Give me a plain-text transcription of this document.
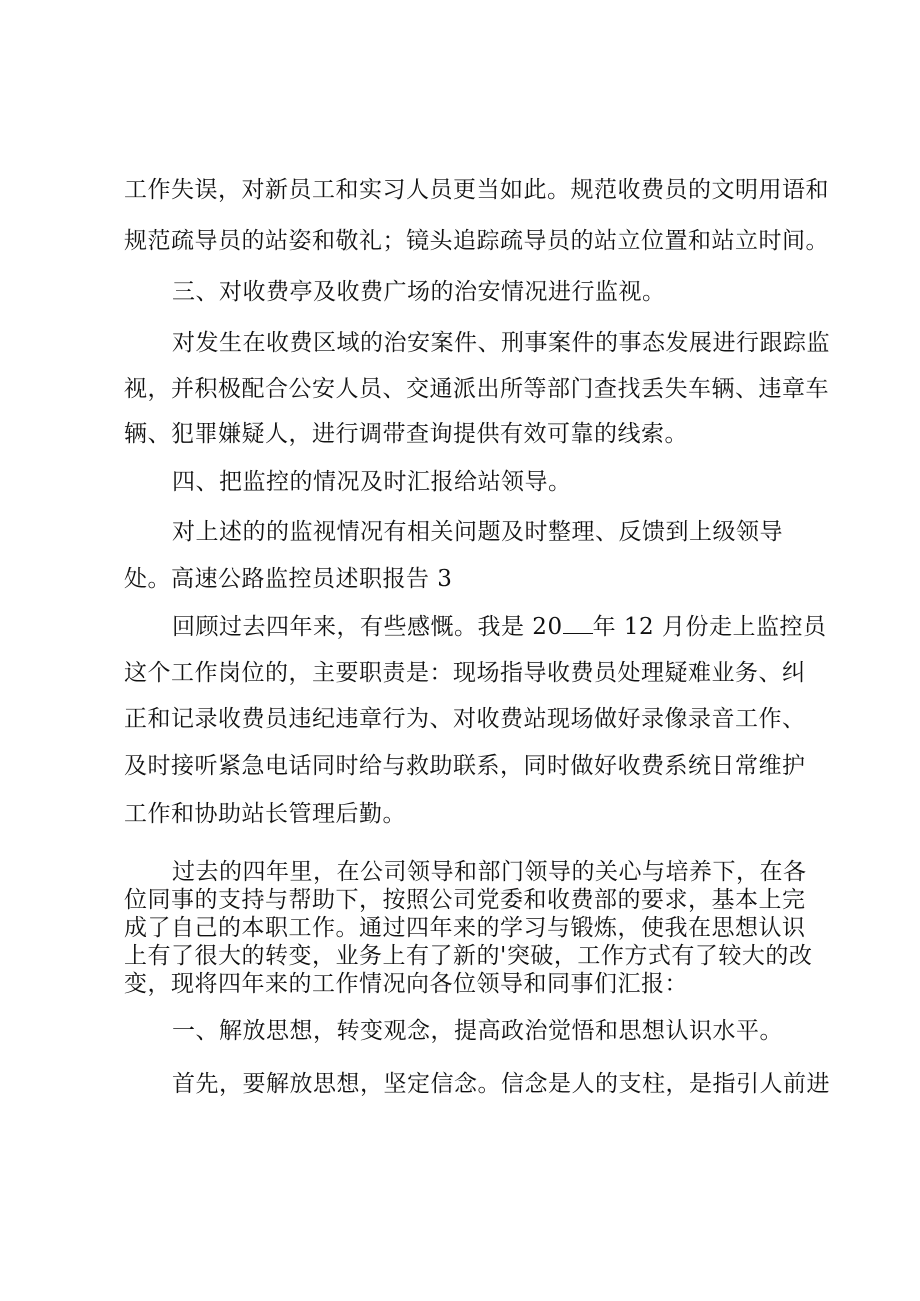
工作失误，对新员工和实习人员更当如此。规范收费员的文明用语和

规范疏导员的站姿和敬礼；镜头追踪疏导员的站立位置和站立时间。

三、对收费亭及收费广场的治安情况进行监视。

对发生在收费区域的治安案件、刑事案件的事态发展进行跟踪监

视，并积极配合公安人员、交通派出所等部门查找丢失车辆、违章车

辆、犯罪嫌疑人，进行调带查询提供有效可靠的线索。

四、把监控的情况及时汇报给站领导。

对上述的的监视情况有相关问题及时整理、反馈到上级领导

处。高速公路监控员述职报告 3

回顾过去四年来，有些感慨。我是 20 年 12 月份走上监控员

这个工作岗位的，主要职责是：现场指导收费员处理疑难业务、纠

正和记录收费员违纪违章行为、对收费站现场做好录像录音工作、

及时接听紧急电话同时给与救助联系，同时做好收费系统日常维护

工作和协助站长管理后勤。

过去的四年里，在公司领导和部门领导的关心与培养下，在各

位同事的支持与帮助下，按照公司党委和收费部的要求，基本上完

成了自己的本职工作。通过四年来的学习与锻炼，使我在思想认识

上有了很大的转变，业务上有了新的'突破，工作方式有了较大的改

变，现将四年来的工作情况向各位领导和同事们汇报：

一、解放思想，转变观念，提高政治觉悟和思想认识水平。

首先，要解放思想，坚定信念。信念是人的支柱，是指引人前进
